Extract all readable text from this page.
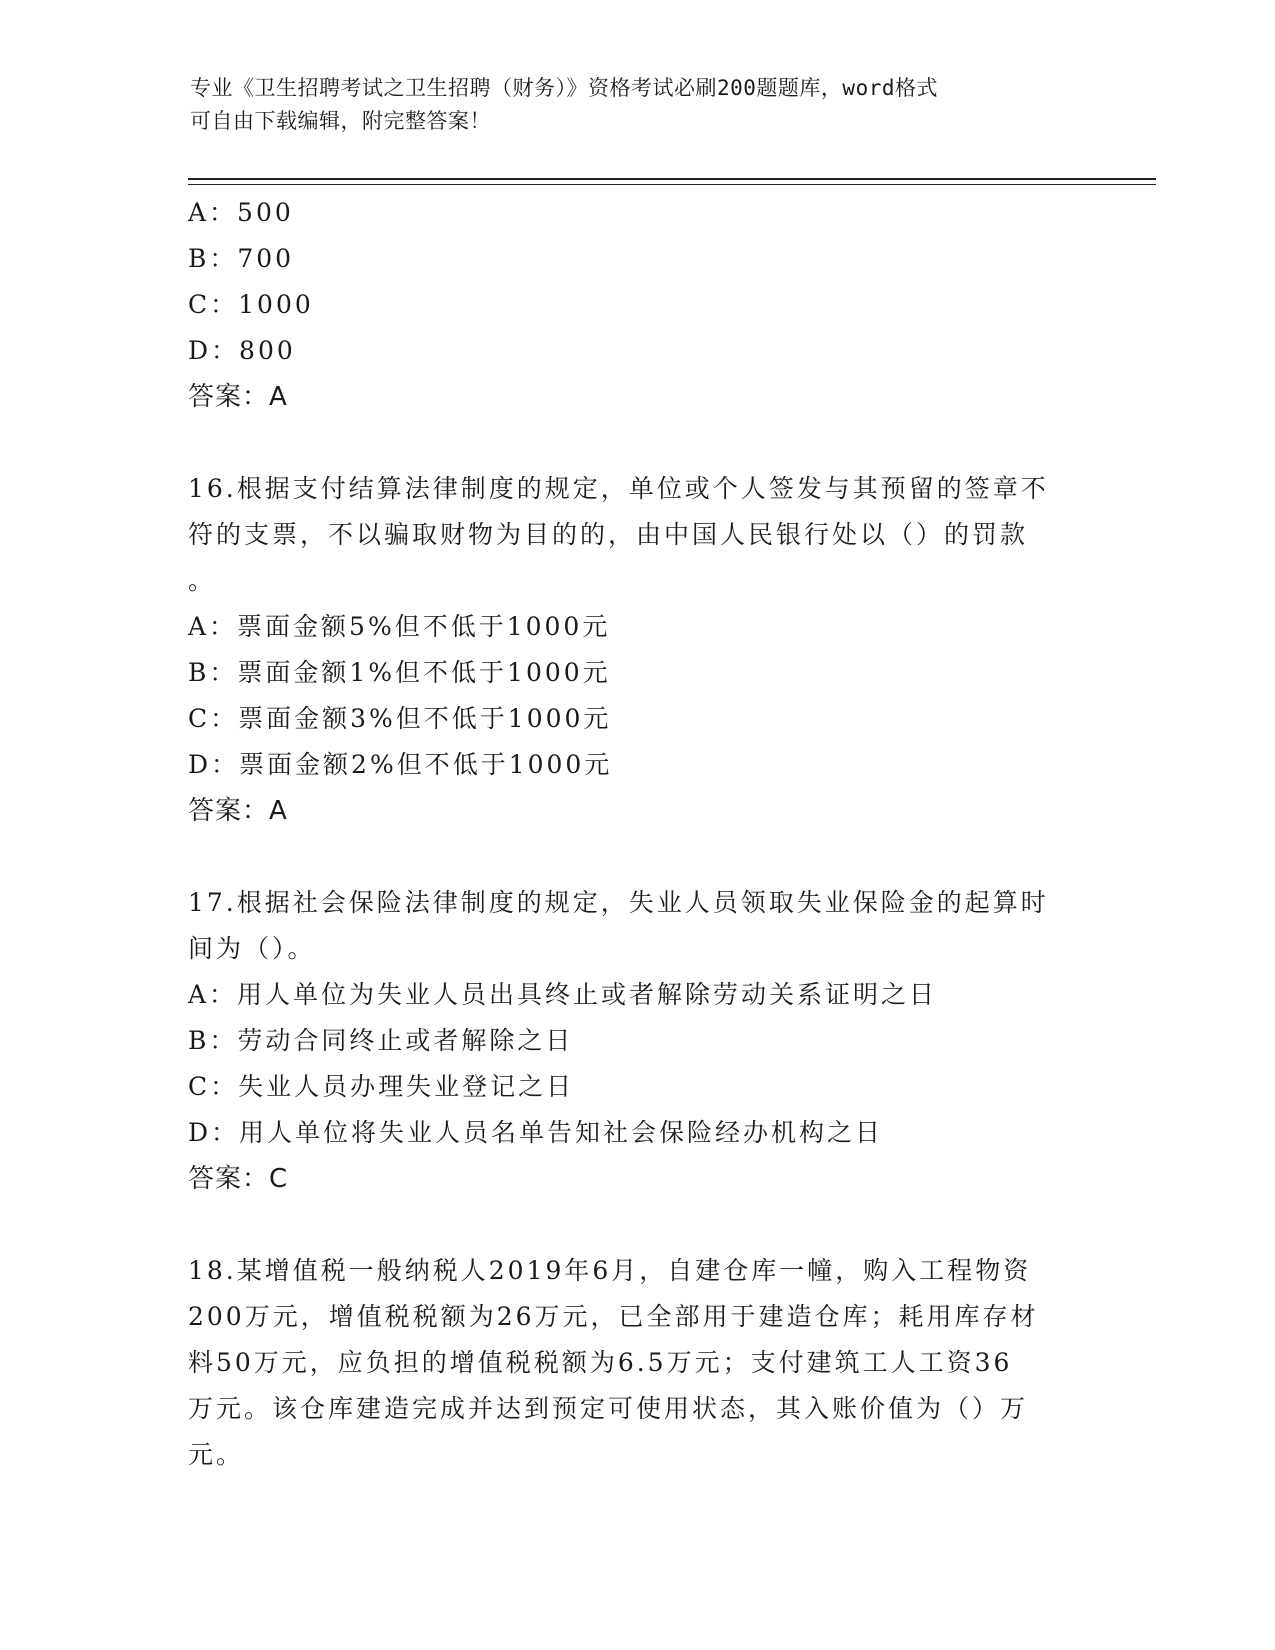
专业《卫生招聘考试之卫生招聘（财务）》资格考试必刷200题题库，word格式
可自由下载编辑，附完整答案！
A：500
B：700
C：1000
D：800
答案：A
16.根据支付结算法律制度的规定，单位或个人签发与其预留的签章不
符的支票，不以骗取财物为目的的，由中国人民银行处以（）的罚款
。
A：票面金额5%但不低于1000元
B：票面金额1%但不低于1000元
C：票面金额3%但不低于1000元
D：票面金额2%但不低于1000元
答案：A
17.根据社会保险法律制度的规定，失业人员领取失业保险金的起算时
间为（）。
A：用人单位为失业人员出具终止或者解除劳动关系证明之日
B：劳动合同终止或者解除之日
C：失业人员办理失业登记之日
D：用人单位将失业人员名单告知社会保险经办机构之日
答案：C
18.某增值税一般纳税人2019年6月，自建仓库一幢，购入工程物资
200万元，增值税税额为26万元，已全部用于建造仓库；耗用库存材
料50万元，应负担的增值税税额为6.5万元；支付建筑工人工资36
万元。该仓库建造完成并达到预定可使用状态，其入账价值为（）万
元。
